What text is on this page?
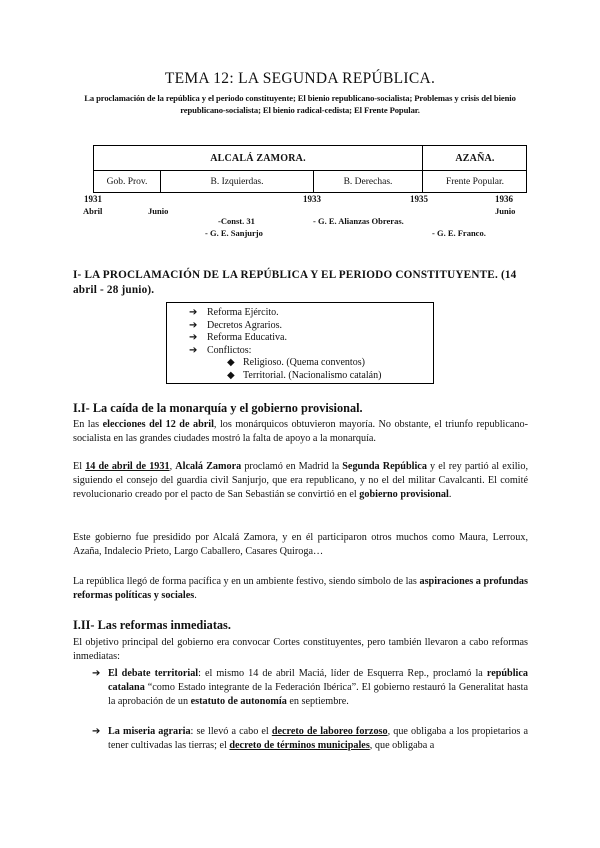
TEMA 12: LA SEGUNDA REPÚBLICA.
La proclamación de la república y el periodo constituyente; El bienio republicano-socialista; Problemas y crisis del bienio republicano-socialista; El bienio radical-cedista; El Frente Popular.
ALCALÁ ZAMORA.	AZAÑA.
Gob. Prov.	B. Izquierdas.	B. Derechas.	Frente Popular.
1931	1933	1935	1936
Abril	Junio	Junio
-Const. 31
- G. E. Sanjurjo
- G. E. Alianzas Obreras.
- G. E. Franco.
I- LA PROCLAMACIÓN DE LA REPÚBLICA Y EL PERIODO CONSTITUYENTE. (14 abril - 28 junio).
➔ Reforma Ejército.
➔ Decretos Agrarios.
➔ Reforma Educativa.
➔ Conflictos:
◆ Religioso. (Quema conventos)
◆ Territorial. (Nacionalismo catalán)
I.I- La caída de la monarquía y el gobierno provisional.
En las elecciones del 12 de abril, los monárquicos obtuvieron mayoría. No obstante, el triunfo republicano-socialista en las grandes ciudades mostró la falta de apoyo a la monarquía.
El 14 de abril de 1931, Alcalá Zamora proclamó en Madrid la Segunda República y el rey partió al exilio, siguiendo el consejo del guardia civil Sanjurjo, que era republicano, y no el del militar Cavalcanti. El comité revolucionario creado por el pacto de San Sebastián se convirtió en el gobierno provisional.
Este gobierno fue presidido por Alcalá Zamora, y en él participaron otros muchos como Maura, Lerroux, Azaña, Indalecio Prieto, Largo Caballero, Casares Quiroga…
La república llegó de forma pacífica y en un ambiente festivo, siendo símbolo de las aspiraciones a profundas reformas políticas y sociales.
I.II- Las reformas inmediatas.
El objetivo principal del gobierno era convocar Cortes constituyentes, pero también llevaron a cabo reformas inmediatas:
➔ El debate territorial: el mismo 14 de abril Maciá, líder de Esquerra Rep., proclamó la república catalana “como Estado integrante de la Federación Ibérica”. El gobierno restauró la Generalitat hasta la aprobación de un estatuto de autonomía en septiembre.
➔ La miseria agraria: se llevó a cabo el decreto de laboreo forzoso, que obligaba a los propietarios a tener cultivadas las tierras; el decreto de términos municipales, que obligaba a
